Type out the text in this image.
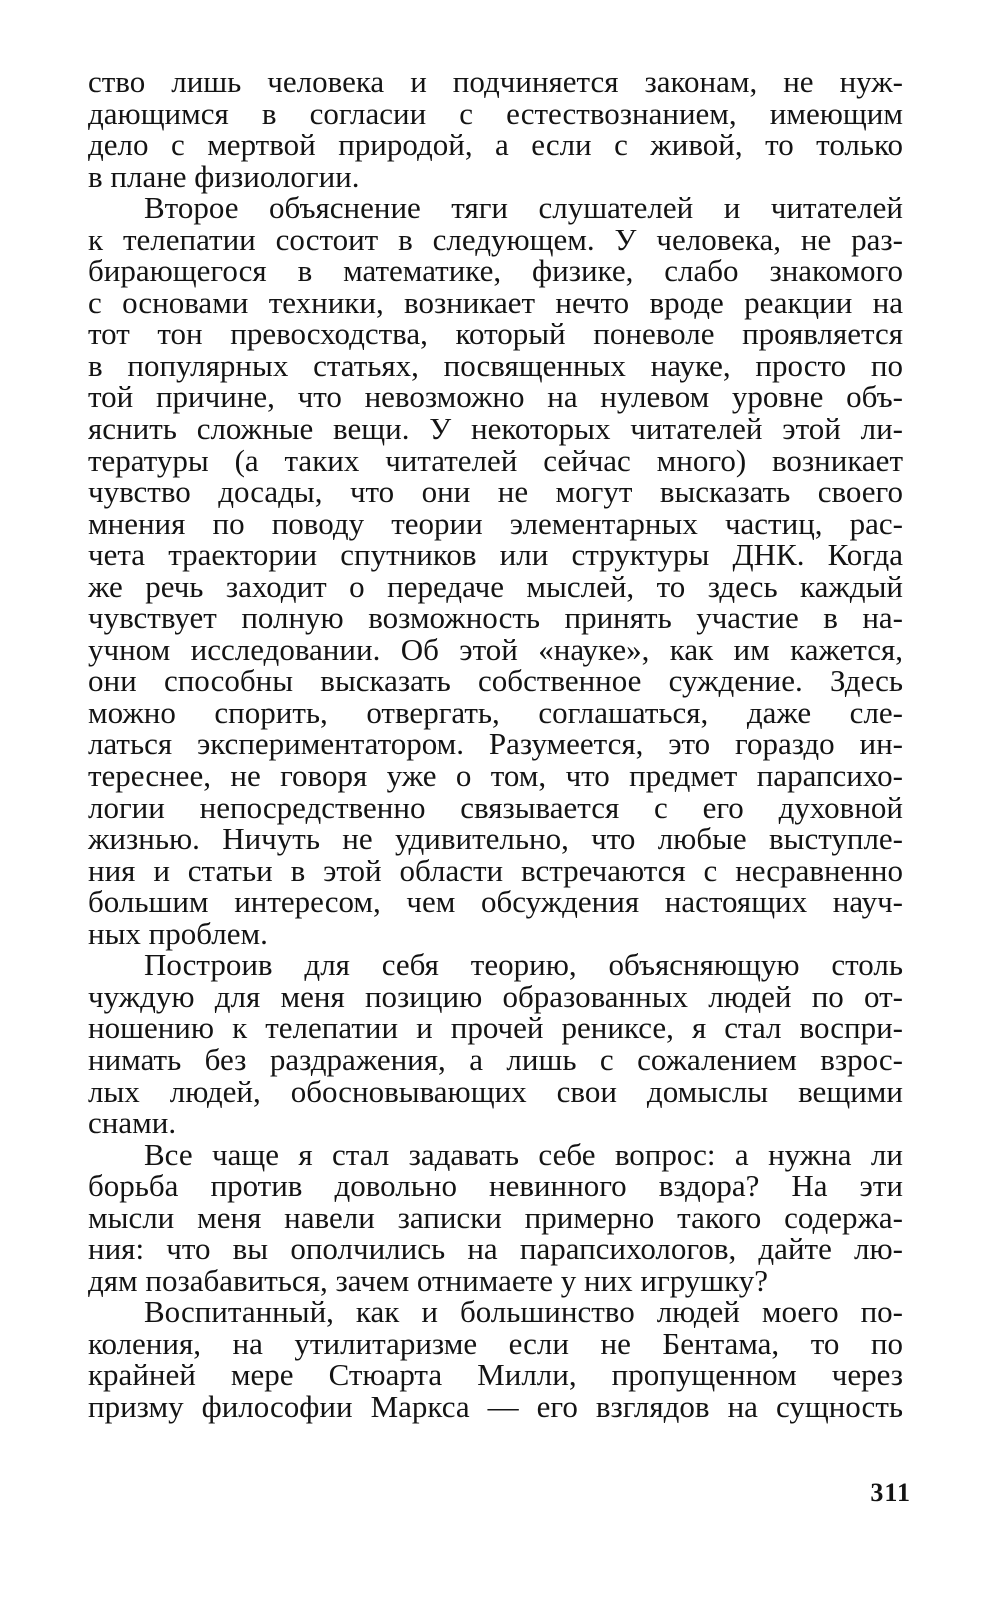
ство лишь человека и подчиняется законам, не нуж-
дающимся в согласии с естествознанием, имеющим
дело с мертвой природой, а если с живой, то только
в плане физиологии.
Второе объяснение тяги слушателей и читателей
к телепатии состоит в следующем. У человека, не раз-
бирающегося в математике, физике, слабо знакомого
с основами техники, возникает нечто вроде реакции на
тот тон превосходства, который поневоле проявляется
в популярных статьях, посвященных науке, просто по
той причине, что невозможно на нулевом уровне объ-
яснить сложные вещи. У некоторых читателей этой ли-
тературы (а таких читателей сейчас много) возникает
чувство досады, что они не могут высказать своего
мнения по поводу теории элементарных частиц, рас-
чета траектории спутников или структуры ДНК. Когда
же речь заходит о передаче мыслей, то здесь каждый
чувствует полную возможность принять участие в на-
учном исследовании. Об этой «науке», как им кажется,
они способны высказать собственное суждение. Здесь
можно спорить, отвергать, соглашаться, даже сле-
латься экспериментатором. Разумеется, это гораздо ин-
тереснее, не говоря уже о том, что предмет парапсихо-
логии непосредственно связывается с его духовной
жизнью. Ничуть не удивительно, что любые выступле-
ния и статьи в этой области встречаются с несравненно
большим интересом, чем обсуждения настоящих науч-
ных проблем.
Построив для себя теорию, объясняющую столь
чуждую для меня позицию образованных людей по от-
ношению к телепатии и прочей рениксе, я стал воспри-
нимать без раздражения, а лишь с сожалением взрос-
лых людей, обосновывающих свои домыслы вещими
снами.
Все чаще я стал задавать себе вопрос: а нужна ли
борьба против довольно невинного вздора? На эти
мысли меня навели записки примерно такого содержа-
ния: что вы ополчились на парапсихологов, дайте лю-
дям позабавиться, зачем отнимаете у них игрушку?
Воспитанный, как и большинство людей моего по-
коления, на утилитаризме если не Бентама, то по
крайней мере Стюарта Милли, пропущенном через
призму философии Маркса — его взглядов на сущность
311
